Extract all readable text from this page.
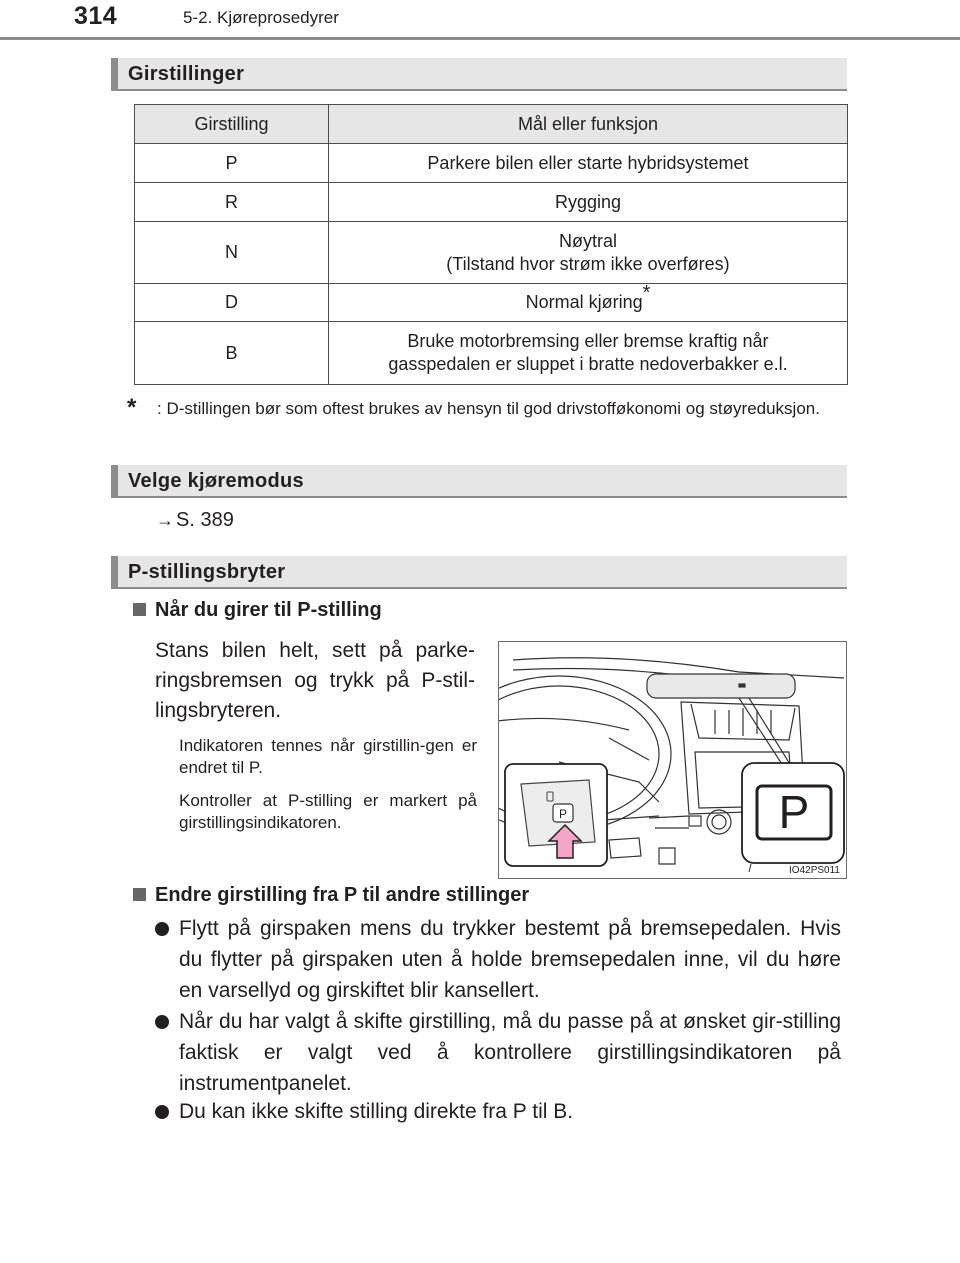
314	5-2. Kjøreprosedyrer
Girstillinger
Girstilling	Mål eller funksjon
P	Parkere bilen eller starte hybridsystemet
R	Rygging
N	Nøytral
(Tilstand hvor strøm ikke overføres)
D	Normal kjøring*
B	Bruke motorbremsing eller bremse kraftig når
gasspedalen er sluppet i bratte nedoverbakker e.l.
*	: D-stillingen bør som oftest brukes av hensyn til god drivstofføkonomi og støyreduksjon.
Velge kjøremodus
→ S. 389
P-stillingsbryter
Når du girer til P-stilling
Stans bilen helt, sett på parke-ringsbremsen og trykk på P-stil-lingsbryteren.
Indikatoren tennes når girstillin-gen er endret til P.
Kontroller at P-stilling er markert på girstillingsindikatoren.	P	P
IO42PS011
Endre girstilling fra P til andre stillinger
Flytt på girspaken mens du trykker bestemt på bremsepedalen. Hvis du flytter på girspaken uten å holde bremsepedalen inne, vil du høre en varsellyd og girskiftet blir kansellert.
Når du har valgt å skifte girstilling, må du passe på at ønsket gir-stilling faktisk er valgt ved å kontrollere girstillingsindikatoren på instrumentpanelet.
Du kan ikke skifte stilling direkte fra P til B.
